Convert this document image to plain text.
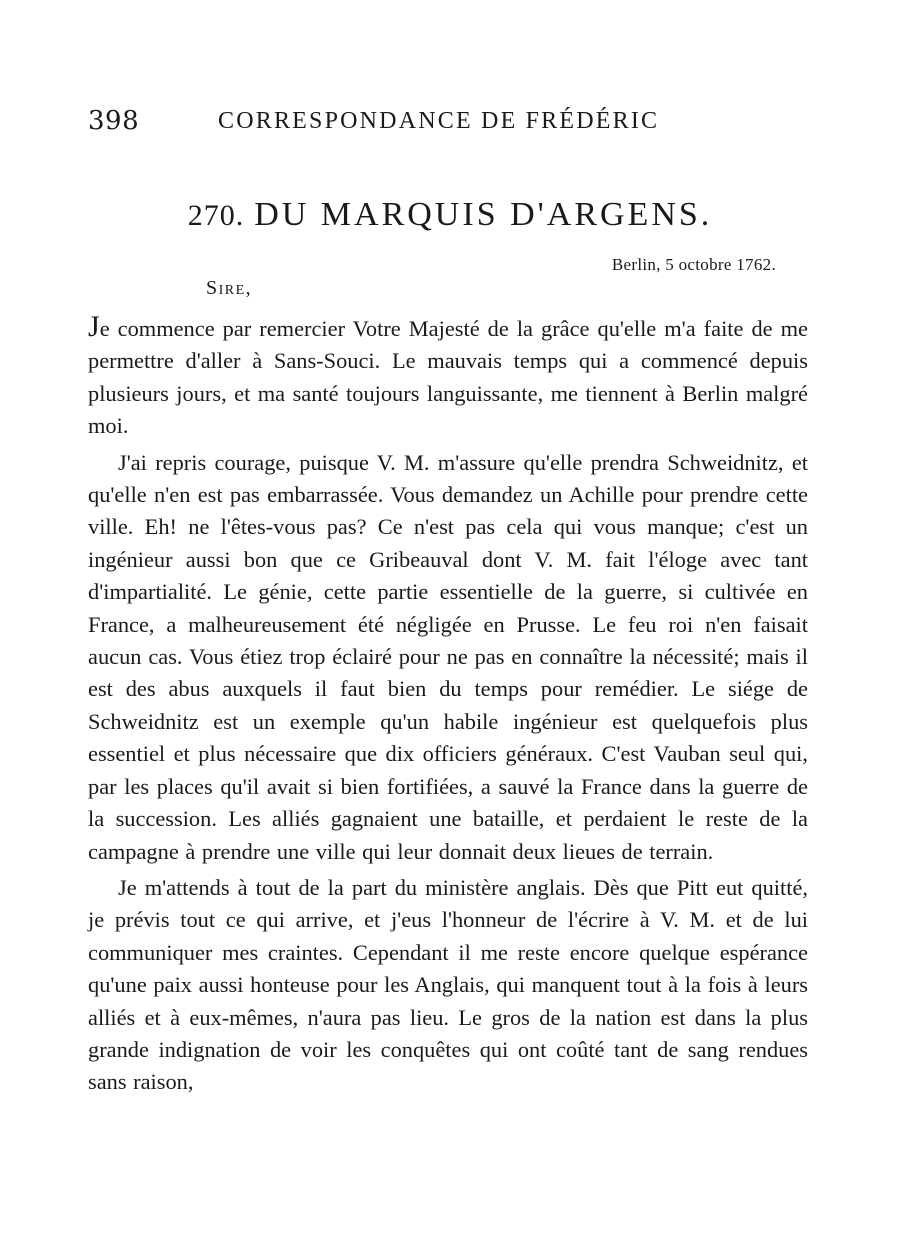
398	CORRESPONDANCE DE FRÉDÉRIC
270. DU MARQUIS D'ARGENS.
Berlin, 5 octobre 1762.
Sire,

Je commence par remercier Votre Majesté de la grâce qu'elle m'a faite de me permettre d'aller à Sans-Souci. Le mauvais temps qui a commencé depuis plusieurs jours, et ma santé toujours languissante, me tiennent à Berlin malgré moi.

J'ai repris courage, puisque V. M. m'assure qu'elle prendra Schweidnitz, et qu'elle n'en est pas embarrassée. Vous demandez un Achille pour prendre cette ville. Eh! ne l'êtes-vous pas? Ce n'est pas cela qui vous manque; c'est un ingénieur aussi bon que ce Gribeauval dont V. M. fait l'éloge avec tant d'impartialité. Le génie, cette partie essentielle de la guerre, si cultivée en France, a malheureusement été négligée en Prusse. Le feu roi n'en faisait aucun cas. Vous étiez trop éclairé pour ne pas en connaître la nécessité; mais il est des abus auxquels il faut bien du temps pour remédier. Le siége de Schweidnitz est un exemple qu'un habile ingénieur est quelquefois plus essentiel et plus nécessaire que dix officiers généraux. C'est Vauban seul qui, par les places qu'il avait si bien fortifiées, a sauvé la France dans la guerre de la succession. Les alliés gagnaient une bataille, et perdaient le reste de la campagne à prendre une ville qui leur donnait deux lieues de terrain.

Je m'attends à tout de la part du ministère anglais. Dès que Pitt eut quitté, je prévis tout ce qui arrive, et j'eus l'honneur de l'écrire à V. M. et de lui communiquer mes craintes. Cependant il me reste encore quelque espérance qu'une paix aussi honteuse pour les Anglais, qui manquent tout à la fois à leurs alliés et à eux-mêmes, n'aura pas lieu. Le gros de la nation est dans la plus grande indignation de voir les conquêtes qui ont coûté tant de sang rendues sans raison,
